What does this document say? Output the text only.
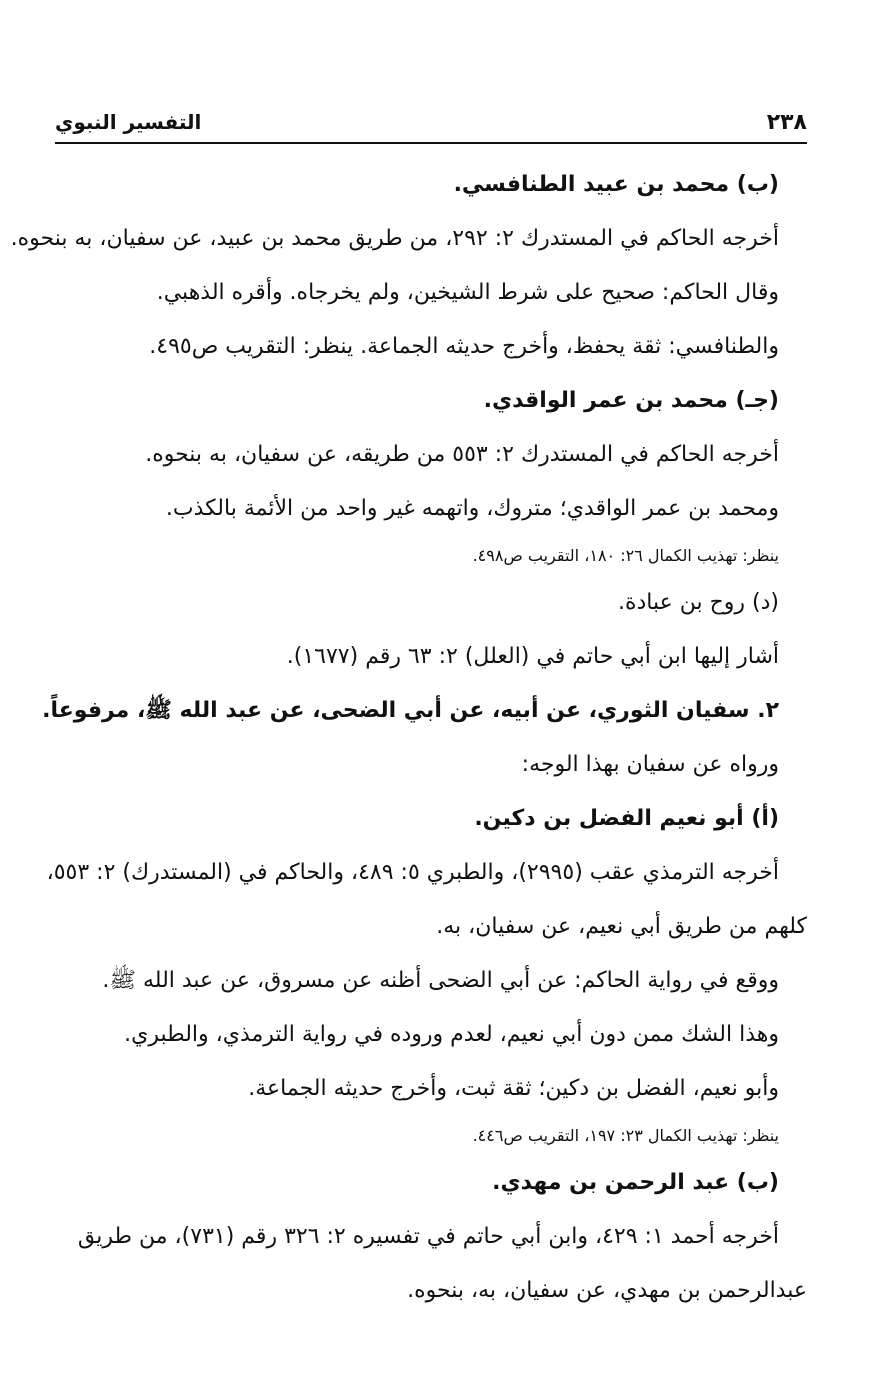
٢٣٨
التفسير النبوي
(ب) محمد بن عبيد الطنافسي.
أخرجه الحاكم في المستدرك ٢: ٢٩٢، من طريق محمد بن عبيد، عن سفيان، به بنحوه.
وقال الحاكم: صحيح على شرط الشيخين، ولم يخرجاه. وأقره الذهبي.
والطنافسي: ثقة يحفظ، وأخرج حديثه الجماعة. ينظر: التقريب ص٤٩٥.
(جـ) محمد بن عمر الواقدي.
أخرجه الحاكم في المستدرك ٢: ٥٥٣ من طريقه، عن سفيان، به بنحوه.
ومحمد بن عمر الواقدي؛ متروك، واتهمه غير واحد من الأئمة بالكذب.
ينظر: تهذيب الكمال ٢٦: ١٨٠، التقريب ص٤٩٨.
(د) روح بن عبادة.
أشار إليها ابن أبي حاتم في (العلل) ٢: ٦٣ رقم (١٦٧٧).
٢. سفيان الثوري، عن أبيه، عن أبي الضحى، عن عبد الله ﷺ، مرفوعاً.
ورواه عن سفيان بهذا الوجه:
(أ) أبو نعيم الفضل بن دكين.
أخرجه الترمذي عقب (٢٩٩٥)، والطبري ٥: ٤٨٩، والحاكم في (المستدرك) ٢: ٥٥٣،
كلهم من طريق أبي نعيم، عن سفيان، به.
ووقع في رواية الحاكم: عن أبي الضحى أظنه عن مسروق، عن عبد الله ﷺ.
وهذا الشك ممن دون أبي نعيم، لعدم وروده في رواية الترمذي، والطبري.
وأبو نعيم، الفضل بن دكين؛ ثقة ثبت، وأخرج حديثه الجماعة.
ينظر: تهذيب الكمال ٢٣: ١٩٧، التقريب ص٤٤٦.
(ب) عبد الرحمن بن مهدي.
أخرجه أحمد ١: ٤٢٩، وابن أبي حاتم في تفسيره ٢: ٣٢٦ رقم (٧٣١)، من طريق
عبدالرحمن بن مهدي، عن سفيان، به، بنحوه.
